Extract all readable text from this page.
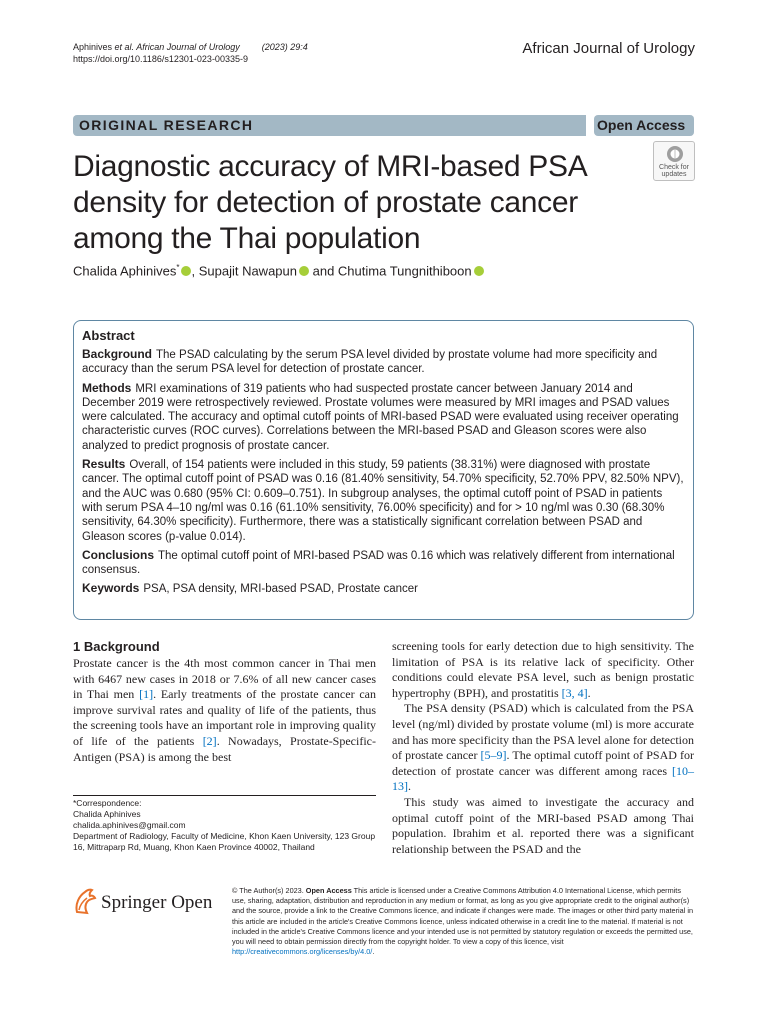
Aphinives et al. African Journal of Urology (2023) 29:4
https://doi.org/10.1186/s12301-023-00335-9
African Journal of Urology
ORIGINAL RESEARCH	Open Access
Diagnostic accuracy of MRI-based PSA density for detection of prostate cancer among the Thai population
Check for
updates
Chalida Aphinives* , Supajit Nawapun and Chutima Tungnithiboon
Abstract

Background The PSAD calculating by the serum PSA level divided by prostate volume had more specificity and accuracy than the serum PSA level for detection of prostate cancer.

Methods MRI examinations of 319 patients who had suspected prostate cancer between January 2014 and December 2019 were retrospectively reviewed. Prostate volumes were measured by MRI images and PSAD values were calculated. The accuracy and optimal cutoff points of MRI-based PSAD were evaluated using receiver operating characteristic curves (ROC curves). Correlations between the MRI-based PSAD and Gleason scores were also analyzed to predict prognosis of prostate cancer.

Results Overall, of 154 patients were included in this study, 59 patients (38.31%) were diagnosed with prostate cancer. The optimal cutoff point of PSAD was 0.16 (81.40% sensitivity, 54.70% specificity, 52.70% PPV, 82.50% NPV), and the AUC was 0.680 (95% CI: 0.609–0.751). In subgroup analyses, the optimal cutoff point of PSAD in patients with serum PSA 4–10 ng/ml was 0.16 (61.10% sensitivity, 76.00% specificity) and for > 10 ng/ml was 0.30 (68.30% sensitivity, 64.30% specificity). Furthermore, there was a statistically significant correlation between PSAD and Gleason scores (p-value 0.014).

Conclusions The optimal cutoff point of MRI-based PSAD was 0.16 which was relatively different from international consensus.

Keywords PSA, PSA density, MRI-based PSAD, Prostate cancer

1 Background

Prostate cancer is the 4th most common cancer in Thai men with 6467 new cases in 2018 or 7.6% of all new cancer cases in Thai men [1]. Early treatments of the prostate cancer can improve survival rates and quality of life of the patients, thus the screening tools have an important role in improving quality of life of the patients [2]. Nowadays, Prostate-Specific-Antigen (PSA) is among the best

screening tools for early detection due to high sensitivity. The limitation of PSA is its relative lack of specificity. Other conditions could elevate PSA level, such as benign prostatic hypertrophy (BPH), and prostatitis [3, 4].

The PSA density (PSAD) which is calculated from the PSA level (ng/ml) divided by prostate volume (ml) is more accurate and has more specificity than the PSA level alone for detection of prostate cancer [5–9]. The optimal cutoff point of PSAD for detection of prostate cancer was different among races [10–13].

This study was aimed to investigate the accuracy and optimal cutoff point of the MRI-based PSAD among Thai population. Ibrahim et al. reported there was a significant relationship between the PSAD and the

*Correspondence:
Chalida Aphinives
chalida.aphinives@gmail.com
Department of Radiology, Faculty of Medicine, Khon Kaen University, 123 Group 16, Mittraparp Rd, Muang, Khon Kaen Province 40002, Thailand
Springer Open
© The Author(s) 2023. Open Access This article is licensed under a Creative Commons Attribution 4.0 International License, which permits use, sharing, adaptation, distribution and reproduction in any medium or format, as long as you give appropriate credit to the original author(s) and the source, provide a link to the Creative Commons licence, and indicate if changes were made. The images or other third party material in this article are included in the article's Creative Commons licence, unless indicated otherwise in a credit line to the material. If material is not included in the article's Creative Commons licence and your intended use is not permitted by statutory regulation or exceeds the permitted use, you will need to obtain permission directly from the copyright holder. To view a copy of this licence, visit http://creativecommons.org/licenses/by/4.0/.
